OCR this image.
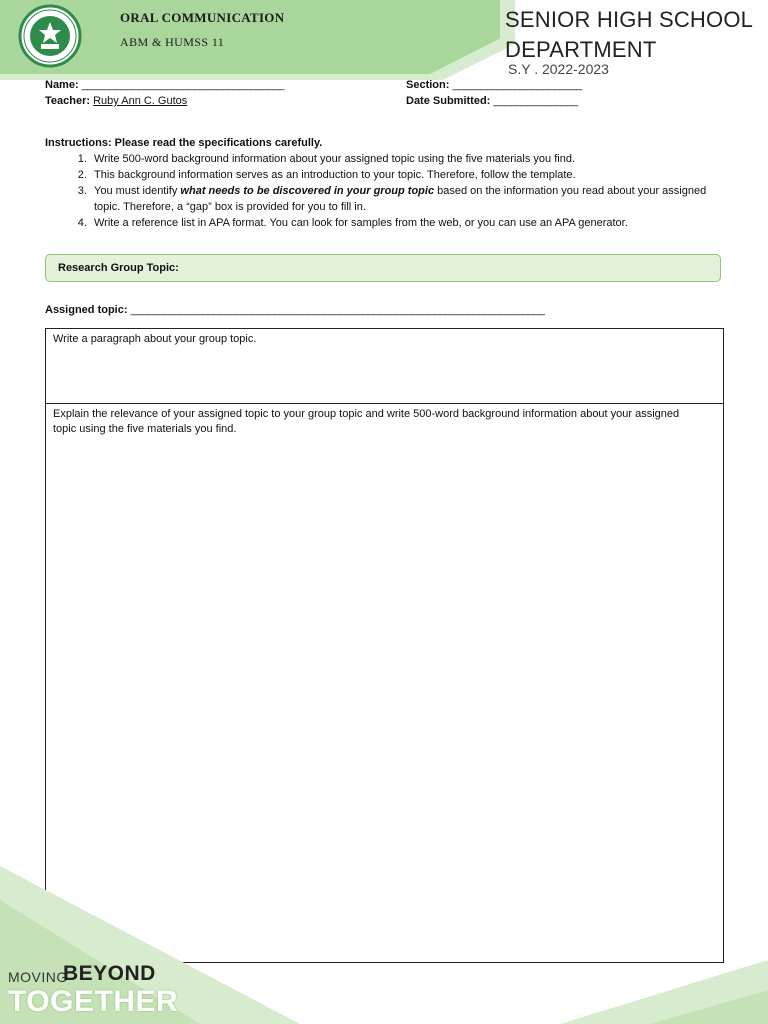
ORAL COMMUNICATION
ABM & HUMSS 11
SENIOR HIGH SCHOOL
DEPARTMENT
S.Y . 2022-2023
Name: ____________________________________	Section: _______________________
Teacher: Ruby Ann C. Gutos	Date Submitted: _______________
Instructions: Please read the specifications carefully.
1. Write 500-word background information about your assigned topic using the five materials you find.
2. This background information serves as an introduction to your topic. Therefore, follow the template.
3. You must identify what needs to be discovered in your group topic based on the information you read about your assigned topic. Therefore, a “gap” box is provided for you to fill in.
4. Write a reference list in APA format. You can look for samples from the web, or you can use an APA generator.
Research Group Topic:
Assigned topic: ___________________________________________________________________________
Write a paragraph about your group topic.
Explain the relevance of your assigned topic to your group topic and write 500-word background information about your assigned topic using the five materials you find.
MOVING
BEYOND
TOGETHER
